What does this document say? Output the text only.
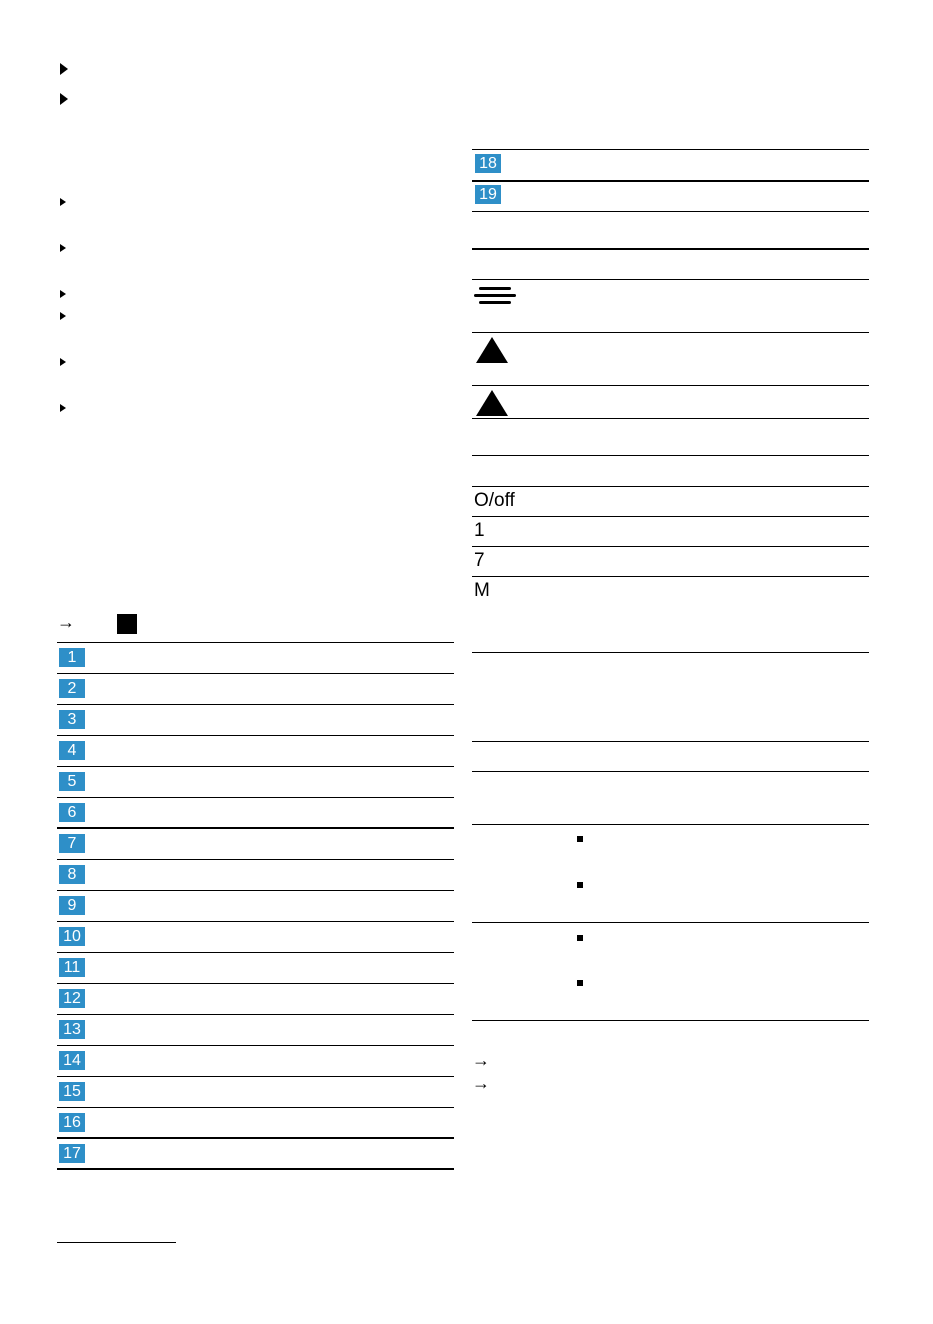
→
1
2
3
4
5
6
7
8
9
10
11
12
13
14
15
16
17
18
19
O/off
1
7
M
→
→
